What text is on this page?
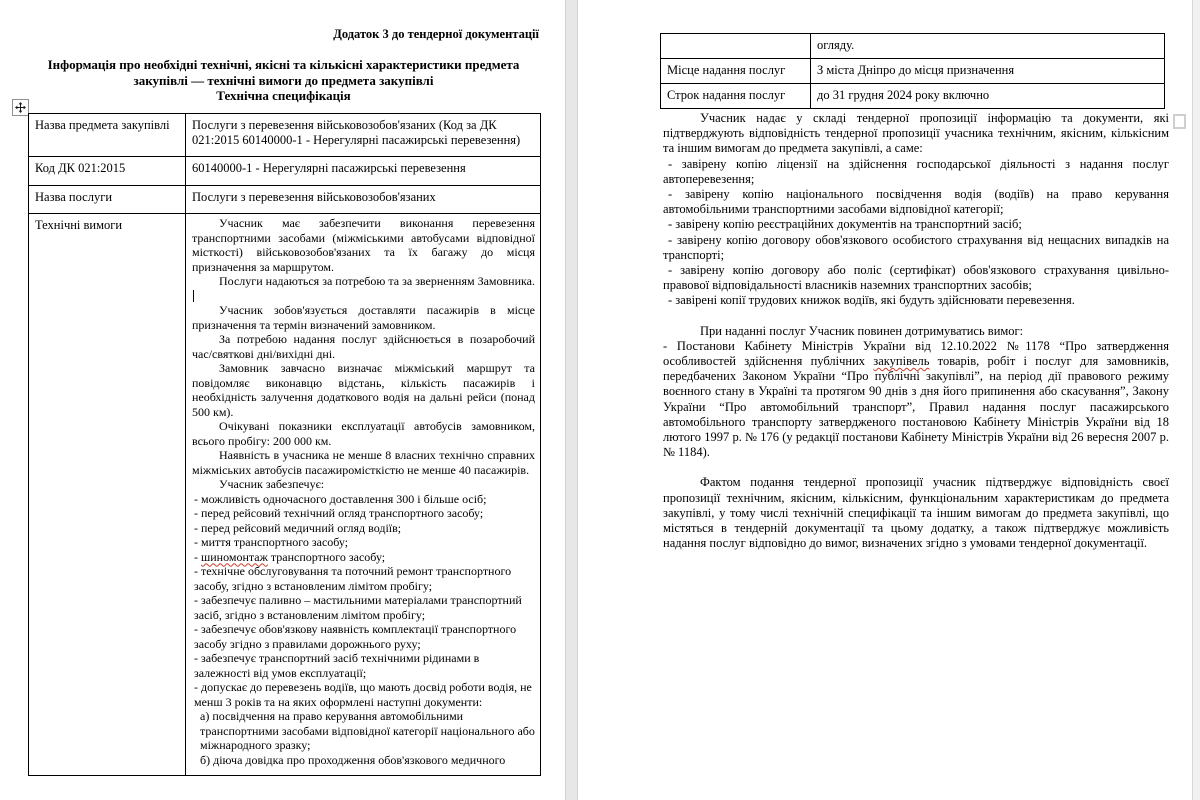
Додаток 3 до тендерної документації
Інформація про необхідні технічні, якісні та кількісні характеристики предмета
закупівлі — технічні вимоги до предмета закупівлі
Технічна специфікація
Назва предмета закупівлі	Послуги з перевезення військовозобов'язаних (Код за ДК 021:2015 60140000-1 - Нерегулярні пасажирські перевезення)
Код ДК 021:2015	60140000-1 - Нерегулярні пасажирські перевезення
Назва послуги	Послуги з перевезення військовозобов'язаних
Технічні вимоги	Учасник має забезпечити виконання перевезення транспортними засобами (міжміськими автобусами відповідної місткості) військовозобов'язаних та їх багажу до місця призначення за маршрутом.

Послуги надаються за потребою та за зверненням Замовника.

Учасник зобов'язується доставляти пасажирів в місце призначення та термін визначений замовником.

За потребою надання послуг здійснюється в позаробочий час/святкові дні/вихідні дні.

Замовник завчасно визначає міжміський маршрут та повідомляє виконавцю відстань, кількість пасажирів і необхідність залучення додаткового водія на дальні рейси (понад 500 км).

Очікувані показники експлуатації автобусів замовником, всього пробігу: 200 000 км.

Наявність в учасника не менше 8 власних технічно справних міжміських автобусів пасажиромісткістю не менше 40 пасажирів.

Учасник забезпечує:

- можливість одночасного доставлення 300 і більше осіб;

- перед рейсовий технічний огляд транспортного засобу;

- перед рейсовий медичний огляд водіїв;

- миття транспортного засобу;

- шиномонтаж транспортного засобу;

- технічне обслуговування та поточний ремонт транспортного засобу, згідно з встановленим лімітом пробігу;

- забезпечує паливно – мастильними матеріалами транспортний засіб, згідно з встановленим лімітом пробігу;

- забезпечує обов'язкову наявність комплектації транспортного засобу згідно з правилами дорожнього руху;

- забезпечує транспортний засіб технічними рідинами в залежності від умов експлуатації;

- допускає до перевезень водіїв, що мають досвід роботи водія, не менш 3 років та на яких оформлені наступні документи:

а) посвідчення на право керування автомобільними транспортними засобами відповідної категорії національного або міжнародного зразку;

б) діюча довідка про проходження обов'язкового медичного

	огляду.
Місце надання послуг	З міста Дніпро до місця призначення
Строк надання послуг	до 31 грудня 2024 року включно

Учасник надає у складі тендерної пропозиції інформацію та документи, які підтверджують відповідність тендерної пропозиції учасника технічним, якісним, кількісним та іншим вимогам до предмета закупівлі, а саме:

- завірену копію ліцензії на здійснення господарської діяльності з надання послуг автоперевезення;

- завірену копію національного посвідчення водія (водіїв) на право керування автомобільними транспортними засобами відповідної категорії;

- завірену копію реєстраційних документів на транспортний засіб;

- завірену копію договору обов'язкового особистого страхування від нещасних випадків на транспорті;

- завірену копію договору або поліс (сертифікат) обов'язкового страхування цивільно-правової відповідальності власників наземних транспортних засобів;

- завірені копії трудових книжок водіїв, які будуть здійснювати перевезення.

При наданні послуг Учасник повинен дотримуватись вимог:

- Постанови Кабінету Міністрів України від 12.10.2022 №1178 “Про затвердження особливостей здійснення публічних закупівель товарів, робіт і послуг для замовників, передбачених Законом України “Про публічні закупівлі”, на період дії правового режиму воєнного стану в Україні та протягом 90 днів з дня його припинення або скасування”, Закону України “Про автомобільний транспорт”, Правил надання послуг пасажирського автомобільного транспорту затвердженого постановою Кабінету Міністрів України від 18 лютого 1997 р. № 176 (у редакції постанови Кабінету Міністрів України від 26 вересня 2007 р. № 1184).

Фактом подання тендерної пропозиції учасник підтверджує відповідність своєї пропозиції технічним, якісним, кількісним, функціональним характеристикам до предмета закупівлі, у тому числі технічній специфікації та іншим вимогам до предмета закупівлі, що містяться в тендерній документації та цьому додатку, а також підтверджує можливість надання послуг відповідно до вимог, визначених згідно з умовами тендерної документації.
